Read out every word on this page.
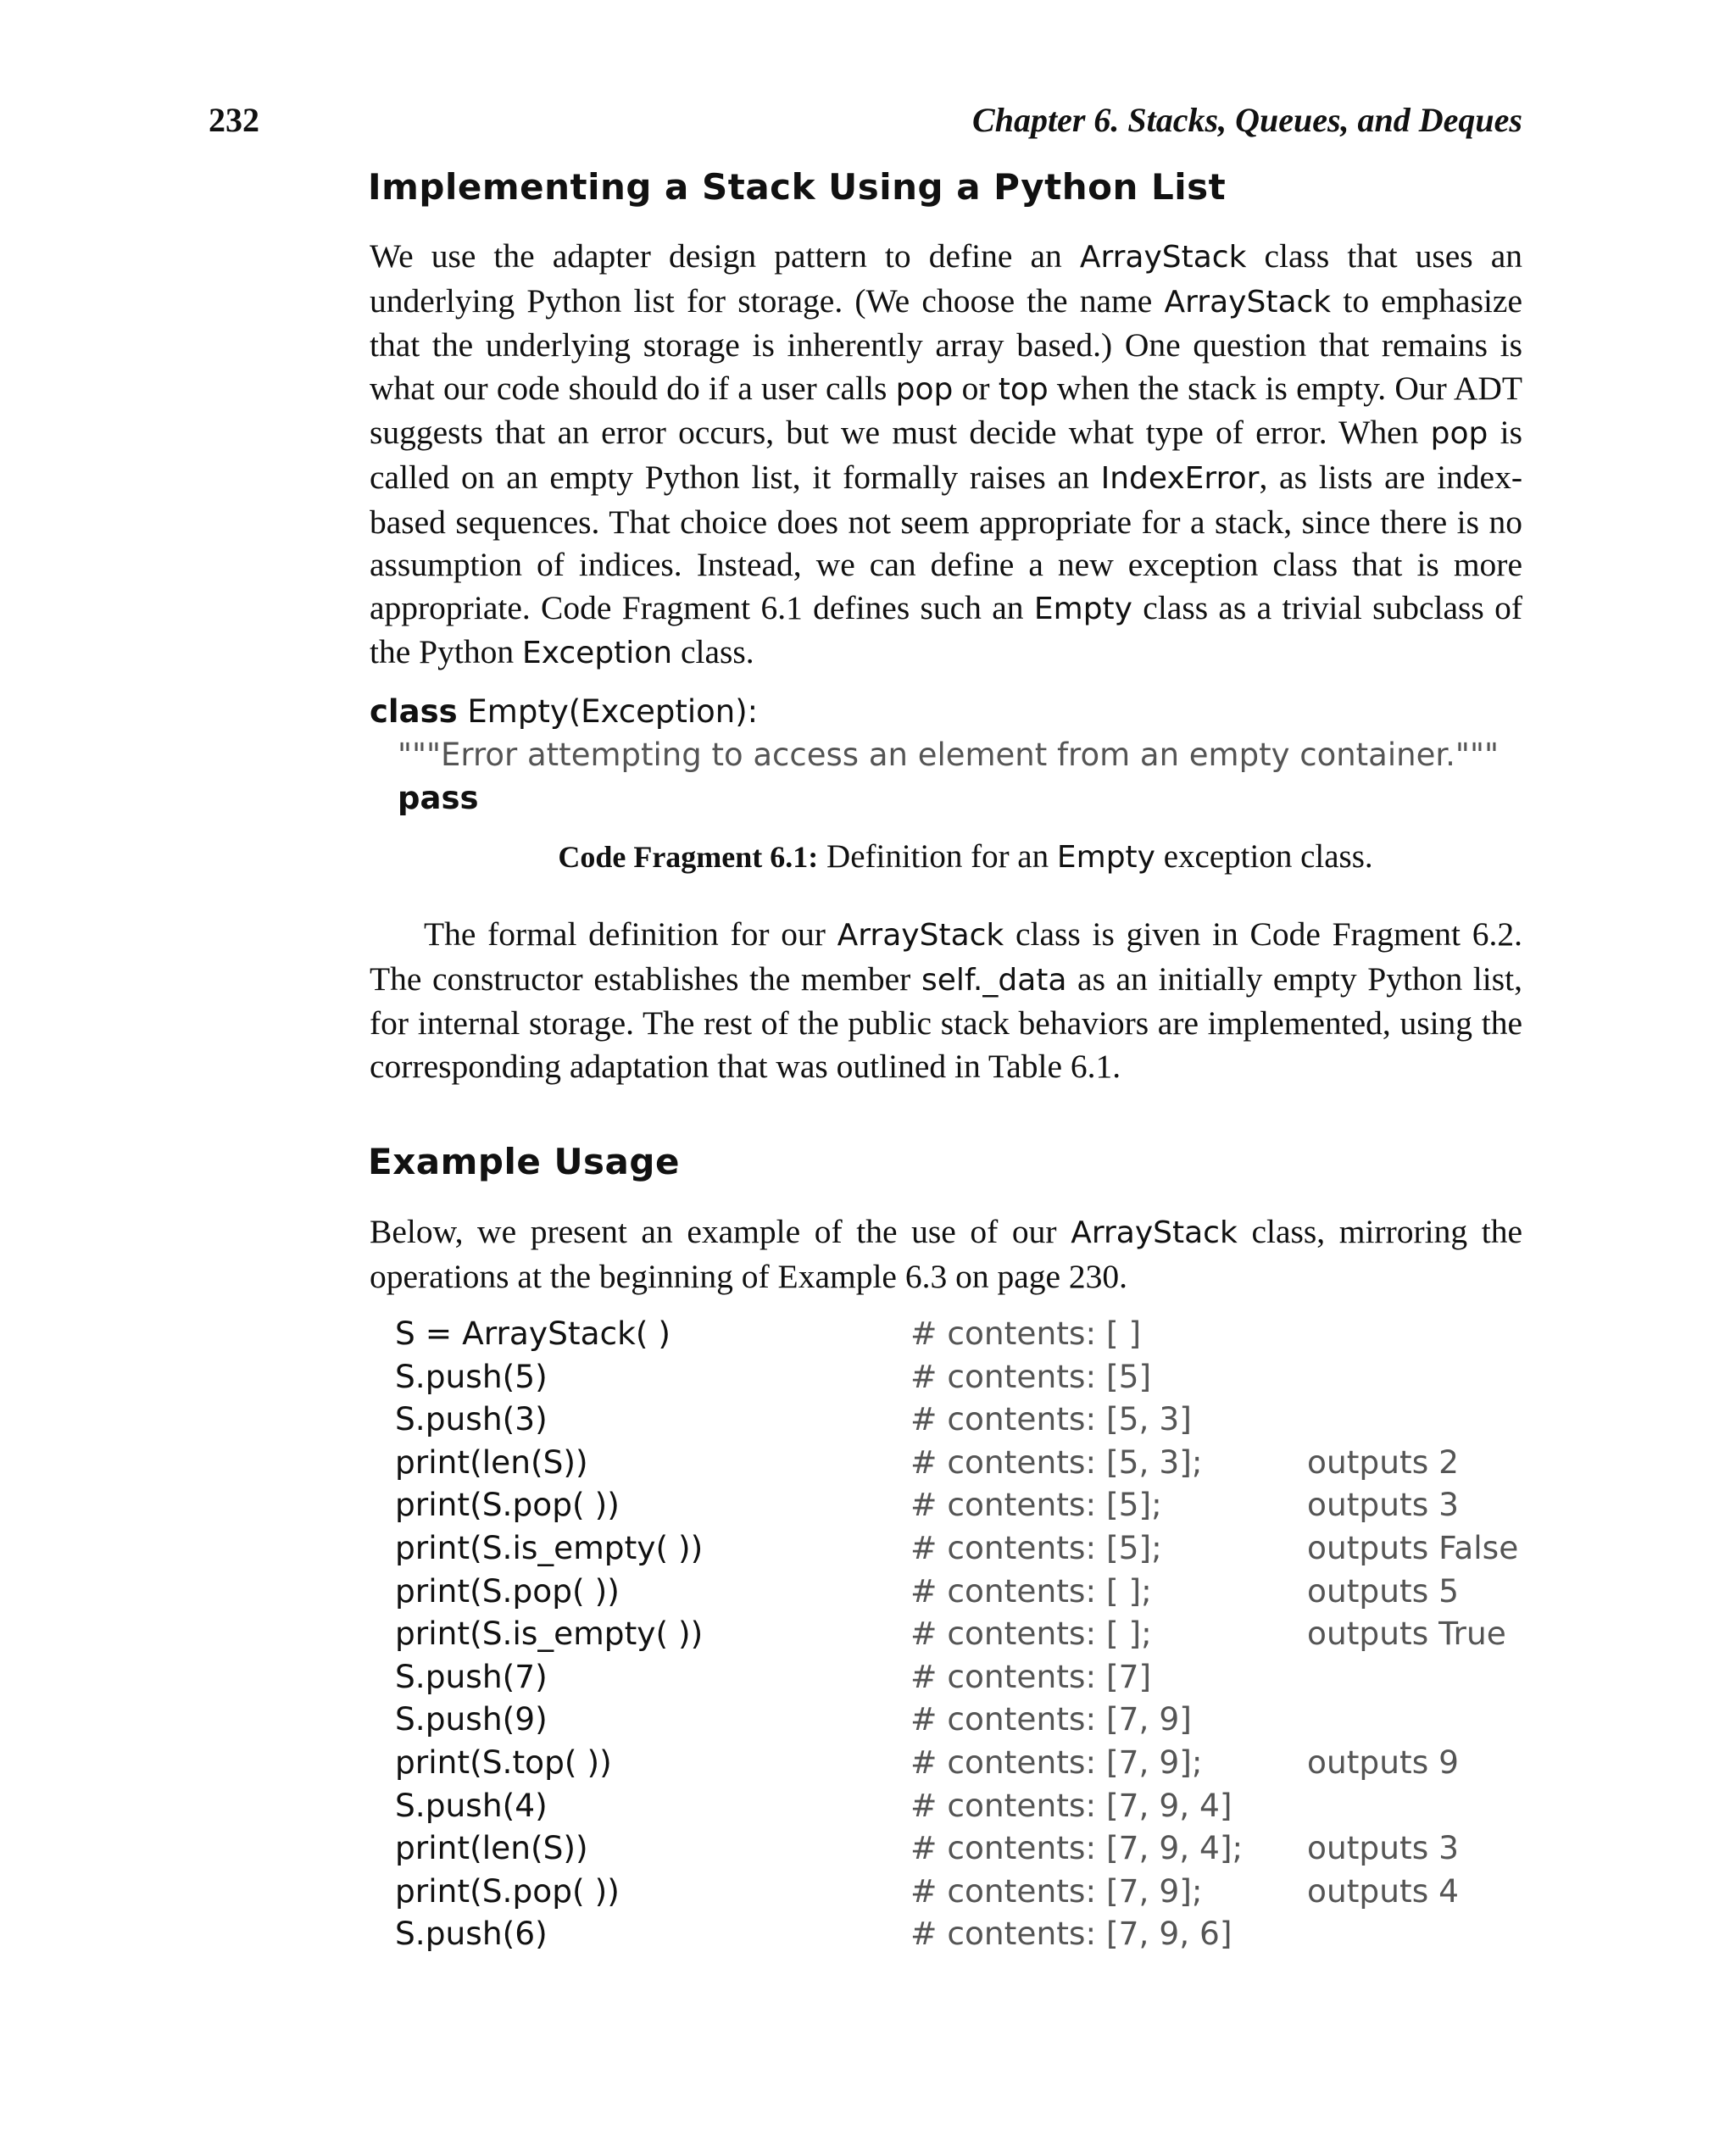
232	Chapter 6. Stacks, Queues, and Deques
Implementing a Stack Using a Python List
We use the adapter design pattern to define an ArrayStack class that uses an underlying Python list for storage. (We choose the name ArrayStack to emphasize that the underlying storage is inherently array based.) One question that remains is what our code should do if a user calls pop or top when the stack is empty. Our ADT suggests that an error occurs, but we must decide what type of error. When pop is called on an empty Python list, it formally raises an IndexError, as lists are index-based sequences. That choice does not seem appropriate for a stack, since there is no assumption of indices. Instead, we can define a new exception class that is more appropriate. Code Fragment 6.1 defines such an Empty class as a trivial subclass of the Python Exception class.
class Empty(Exception):
"""Error attempting to access an element from an empty container."""
pass
Code Fragment 6.1: Definition for an Empty exception class.
The formal definition for our ArrayStack class is given in Code Fragment 6.2. The constructor establishes the member self._data as an initially empty Python list, for internal storage. The rest of the public stack behaviors are implemented, using the corresponding adaptation that was outlined in Table 6.1.
Example Usage
Below, we present an example of the use of our ArrayStack class, mirroring the operations at the beginning of Example 6.3 on page 230.
S = ArrayStack( )	# contents: [ ]
S.push(5)	# contents: [5]
S.push(3)	# contents: [5, 3]
print(len(S))	# contents: [5, 3];	outputs 2
print(S.pop( ))	# contents: [5];	outputs 3
print(S.is_empty( ))	# contents: [5];	outputs False
print(S.pop( ))	# contents: [ ];	outputs 5
print(S.is_empty( ))	# contents: [ ];	outputs True
S.push(7)	# contents: [7]
S.push(9)	# contents: [7, 9]
print(S.top( ))	# contents: [7, 9];	outputs 9
S.push(4)	# contents: [7, 9, 4]
print(len(S))	# contents: [7, 9, 4]; outputs 3
print(S.pop( ))	# contents: [7, 9];	outputs 4
S.push(6)	# contents: [7, 9, 6]
